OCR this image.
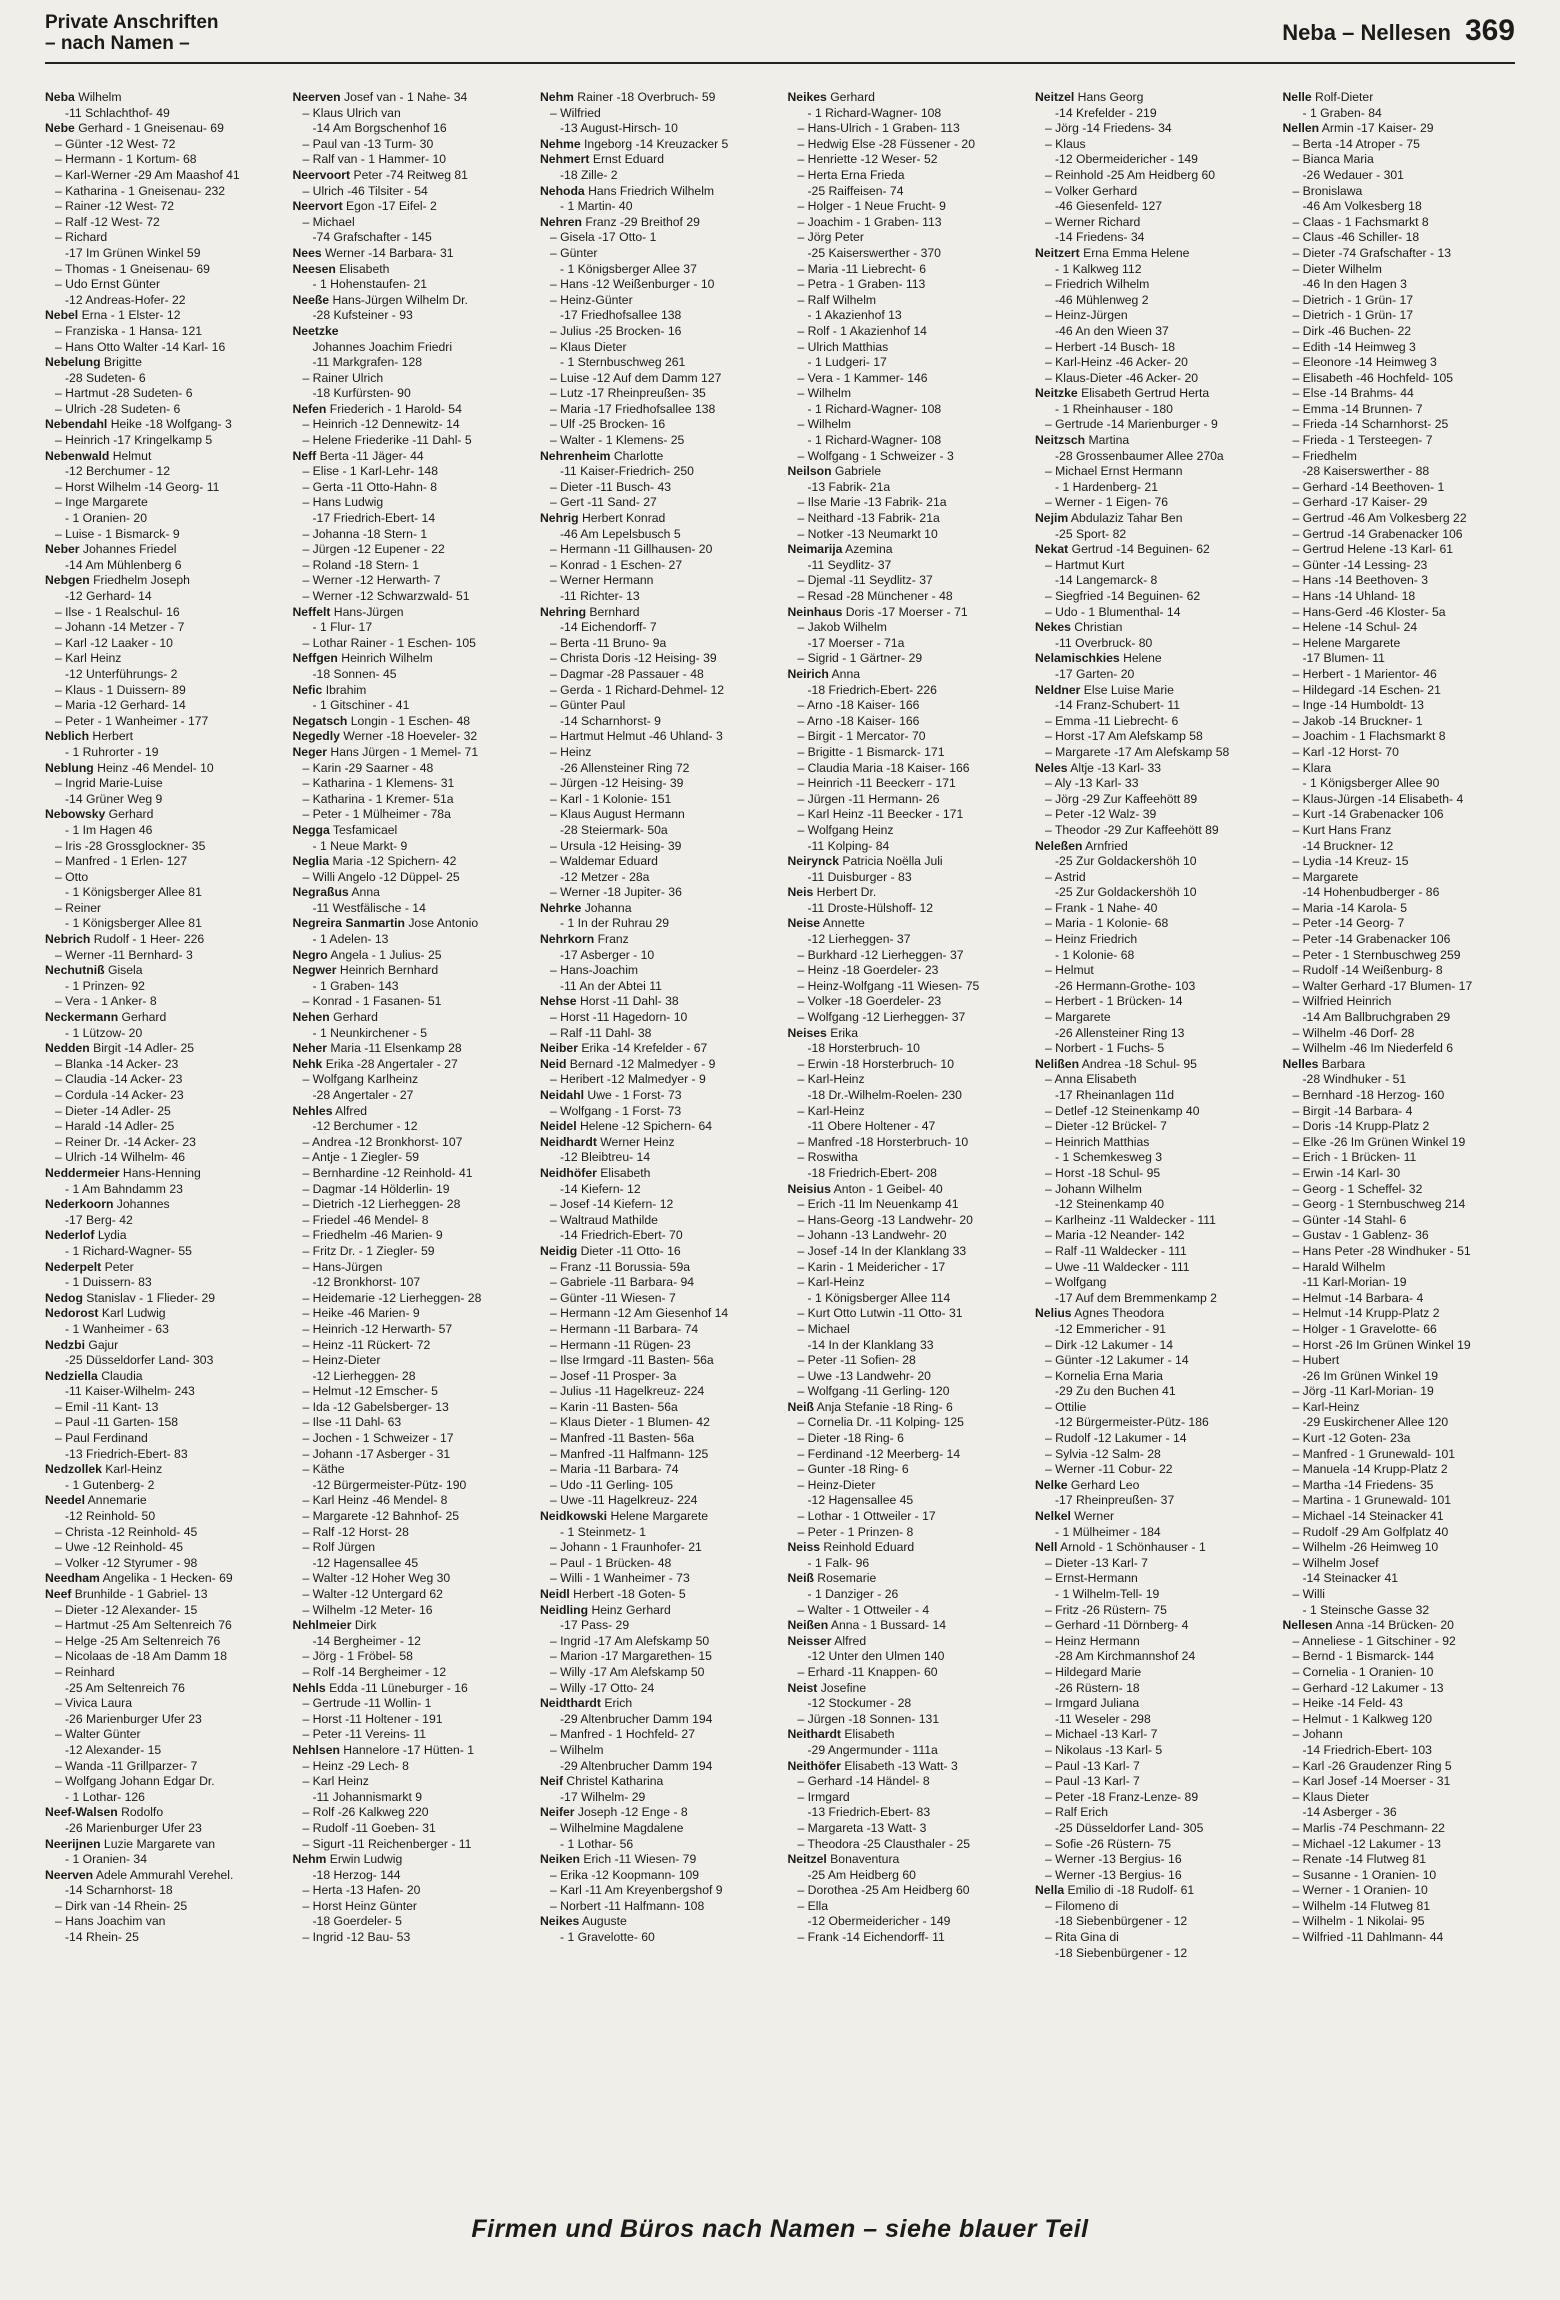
Private Anschriften
– nach Namen –	Neba – Nellesen 369
Neba Wilhelm
-11 Schlachthof- 49
Nebe Gerhard - 1 Gneisenau- 69
– Günter -12 West- 72
– Hermann - 1 Kortum- 68
– Karl-Werner -29 Am Maashof 41
– Katharina - 1 Gneisenau- 232
– Rainer -12 West- 72
– Ralf -12 West- 72
– Richard
-17 Im Grünen Winkel 59
– Thomas - 1 Gneisenau- 69
– Udo Ernst Günter
-12 Andreas-Hofer- 22
Nebel Erna - 1 Elster- 12
– Franziska - 1 Hansa- 121
– Hans Otto Walter -14 Karl- 16
Nebelung Brigitte
-28 Sudeten- 6
– Hartmut -28 Sudeten- 6
– Ulrich -28 Sudeten- 6
Nebendahl Heike -18 Wolfgang- 3
– Heinrich -17 Kringelkamp 5
Nebenwald Helmut
-12 Berchumer - 12
– Horst Wilhelm -14 Georg- 11
– Inge Margarete
- 1 Oranien- 20
– Luise - 1 Bismarck- 9
Neber Johannes Friedel
-14 Am Mühlenberg 6
Nebgen Friedhelm Joseph
-12 Gerhard- 14
– Ilse - 1 Realschul- 16
– Johann -14 Metzer - 7
– Karl -12 Laaker - 10
– Karl Heinz
-12 Unterführungs- 2
– Klaus - 1 Duissern- 89
– Maria -12 Gerhard- 14
– Peter - 1 Wanheimer - 177
Neblich Herbert
- 1 Ruhrorter - 19
Neblung Heinz -46 Mendel- 10
– Ingrid Marie-Luise
-14 Grüner Weg 9
Nebowsky Gerhard
- 1 Im Hagen 46
– Iris -28 Grossglockner- 35
– Manfred - 1 Erlen- 127
– Otto
- 1 Königsberger Allee 81
– Reiner
- 1 Königsberger Allee 81
Nebrich Rudolf - 1 Heer- 226
– Werner -11 Bernhard- 3
Nechutniß Gisela
- 1 Prinzen- 92
– Vera - 1 Anker- 8
Neckermann Gerhard
- 1 Lützow- 20
Nedden Birgit -14 Adler- 25
– Blanka -14 Acker- 23
– Claudia -14 Acker- 23
– Cordula -14 Acker- 23
– Dieter -14 Adler- 25
– Harald -14 Adler- 25
– Reiner Dr. -14 Acker- 23
– Ulrich -14 Wilhelm- 46
Neddermeier Hans-Henning
- 1 Am Bahndamm 23
Nederkoorn Johannes
-17 Berg- 42
Nederlof Lydia
- 1 Richard-Wagner- 55
Nederpelt Peter
- 1 Duissern- 83
Nedog Stanislav - 1 Flieder- 29
Nedorost Karl Ludwig
- 1 Wanheimer - 63
Nedzbi Gajur
-25 Düsseldorfer Land- 303
Nedziella Claudia
-11 Kaiser-Wilhelm- 243
– Emil -11 Kant- 13
– Paul -11 Garten- 158
– Paul Ferdinand
-13 Friedrich-Ebert- 83
Nedzollek Karl-Heinz
- 1 Gutenberg- 2
Needel Annemarie
-12 Reinhold- 50
– Christa -12 Reinhold- 45
– Uwe -12 Reinhold- 45
– Volker -12 Styrumer - 98
Needham Angelika - 1 Hecken- 69
Neef Brunhilde - 1 Gabriel- 13
– Dieter -12 Alexander- 15
– Hartmut -25 Am Seltenreich 76
– Helge -25 Am Seltenreich 76
– Nicolaas de -18 Am Damm 18
– Reinhard
-25 Am Seltenreich 76
– Vivica Laura
-26 Marienburger Ufer 23
– Walter Günter
-12 Alexander- 15
– Wanda -11 Grillparzer- 7
– Wolfgang Johann Edgar Dr.
- 1 Lothar- 126
Neef-Walsen Rodolfo
-26 Marienburger Ufer 23
Neerijnen Luzie Margarete van
- 1 Oranien- 34
Neerven Adele Ammurahl Verehel.
-14 Scharnhorst- 18
– Dirk van -14 Rhein- 25
– Hans Joachim van
-14 Rhein- 25
Neerven Josef van - 1 Nahe- 34
– Klaus Ulrich van
-14 Am Borgschenhof 16
– Paul van -13 Turm- 30
– Ralf van - 1 Hammer- 10
Neervoort Peter -74 Reitweg 81
– Ulrich -46 Tilsiter - 54
Neervort Egon -17 Eifel- 2
– Michael
-74 Grafschafter - 145
Nees Werner -14 Barbara- 31
Neesen Elisabeth
- 1 Hohenstaufen- 21
Neeße Hans-Jürgen Wilhelm Dr.
-28 Kufsteiner - 93
Neetzke
Johannes Joachim Friedri
-11 Markgrafen- 128
– Rainer Ulrich
-18 Kurfürsten- 90
Nefen Friederich - 1 Harold- 54
– Heinrich -12 Dennewitz- 14
– Helene Friederike -11 Dahl- 5
Neff Berta -11 Jäger- 44
– Elise - 1 Karl-Lehr- 148
– Gerta -11 Otto-Hahn- 8
– Hans Ludwig
-17 Friedrich-Ebert- 14
– Johanna -18 Stern- 1
– Jürgen -12 Eupener - 22
– Roland -18 Stern- 1
– Werner -12 Herwarth- 7
– Werner -12 Schwarzwald- 51
Neffelt Hans-Jürgen
- 1 Flur- 17
– Lothar Rainer - 1 Eschen- 105
Neffgen Heinrich Wilhelm
-18 Sonnen- 45
Nefic Ibrahim
- 1 Gitschiner - 41
Negatsch Longin - 1 Eschen- 48
Negedly Werner -18 Hoeveler- 32
Neger Hans Jürgen - 1 Memel- 71
– Karin -29 Saarner - 48
– Katharina - 1 Klemens- 31
– Katharina - 1 Kremer- 51a
– Peter - 1 Mülheimer - 78a
Negga Tesfamicael
- 1 Neue Markt- 9
Neglia Maria -12 Spichern- 42
– Willi Angelo -12 Düppel- 25
Negraßus Anna
-11 Westfälische - 14
Negreira Sanmartin Jose Antonio
- 1 Adelen- 13
Negro Angela - 1 Julius- 25
Negwer Heinrich Bernhard
- 1 Graben- 143
– Konrad - 1 Fasanen- 51
Nehen Gerhard
- 1 Neunkirchener - 5
Neher Maria -11 Elsenkamp 28
Nehk Erika -28 Angertaler - 27
– Wolfgang Karlheinz
-28 Angertaler - 27
Nehles Alfred
-12 Berchumer - 12
– Andrea -12 Bronkhorst- 107
– Antje - 1 Ziegler- 59
– Bernhardine -12 Reinhold- 41
– Dagmar -14 Hölderlin- 19
– Dietrich -12 Lierheggen- 28
– Friedel -46 Mendel- 8
– Friedhelm -46 Marien- 9
– Fritz Dr. - 1 Ziegler- 59
– Hans-Jürgen
-12 Bronkhorst- 107
– Heidemarie -12 Lierheggen- 28
– Heike -46 Marien- 9
– Heinrich -12 Herwarth- 57
– Heinz -11 Rückert- 72
– Heinz-Dieter
-12 Lierheggen- 28
– Helmut -12 Emscher- 5
– Ida -12 Gabelsberger- 13
– Ilse -11 Dahl- 63
– Jochen - 1 Schweizer - 17
– Johann -17 Asberger - 31
– Käthe
-12 Bürgermeister-Pütz- 190
– Karl Heinz -46 Mendel- 8
– Margarete -12 Bahnhof- 25
– Ralf -12 Horst- 28
– Rolf Jürgen
-12 Hagensallee 45
– Walter -12 Hoher Weg 30
– Walter -12 Untergard 62
– Wilhelm -12 Meter- 16
Nehlmeier Dirk
-14 Bergheimer - 12
– Jörg - 1 Fröbel- 58
– Rolf -14 Bergheimer - 12
Nehls Edda -11 Lüneburger - 16
– Gertrude -11 Wollin- 1
– Horst -11 Holtener - 191
– Peter -11 Vereins- 11
Nehlsen Hannelore -17 Hütten- 1
– Heinz -29 Lech- 8
– Karl Heinz
-11 Johannismarkt 9
– Rolf -26 Kalkweg 220
– Rudolf -11 Goeben- 31
– Sigurt -11 Reichenberger - 11
Nehm Erwin Ludwig
-18 Herzog- 144
– Herta -13 Hafen- 20
– Horst Heinz Günter
-18 Goerdeler- 5
– Ingrid -12 Bau- 53
Nehm Rainer -18 Overbruch- 59
– Wilfried
-13 August-Hirsch- 10
Nehme Ingeborg -14 Kreuzacker 5
Nehmert Ernst Eduard
-18 Zille- 2
Nehoda Hans Friedrich Wilhelm
- 1 Martin- 40
Nehren Franz -29 Breithof 29
– Gisela -17 Otto- 1
– Günter
- 1 Königsberger Allee 37
– Hans -12 Weißenburger - 10
– Heinz-Günter
-17 Friedhofsallee 138
– Julius -25 Brocken- 16
– Klaus Dieter
- 1 Sternbuschweg 261
– Luise -12 Auf dem Damm 127
– Lutz -17 Rheinpreußen- 35
– Maria -17 Friedhofsallee 138
– Ulf -25 Brocken- 16
– Walter - 1 Klemens- 25
Nehrenheim Charlotte
-11 Kaiser-Friedrich- 250
– Dieter -11 Busch- 43
– Gert -11 Sand- 27
Nehrig Herbert Konrad
-46 Am Lepelsbusch 5
– Hermann -11 Gillhausen- 20
– Konrad - 1 Eschen- 27
– Werner Hermann
-11 Richter- 13
Nehring Bernhard
-14 Eichendorff- 7
– Berta -11 Bruno- 9a
– Christa Doris -12 Heising- 39
– Dagmar -28 Passauer - 48
– Gerda - 1 Richard-Dehmel- 12
– Günter Paul
-14 Scharnhorst- 9
– Hartmut Helmut -46 Uhland- 3
– Heinz
-26 Allensteiner Ring 72
– Jürgen -12 Heising- 39
– Karl - 1 Kolonie- 151
– Klaus August Hermann
-28 Steiermark- 50a
– Ursula -12 Heising- 39
– Waldemar Eduard
-12 Metzer - 28a
– Werner -18 Jupiter- 36
Nehrke Johanna
- 1 In der Ruhrau 29
Nehrkorn Franz
-17 Asberger - 10
– Hans-Joachim
-11 An der Abtei 11
Nehse Horst -11 Dahl- 38
– Horst -11 Hagedorn- 10
– Ralf -11 Dahl- 38
Neiber Erika -14 Krefelder - 67
Neid Bernard -12 Malmedyer - 9
– Heribert -12 Malmedyer - 9
Neidahl Uwe - 1 Forst- 73
– Wolfgang - 1 Forst- 73
Neidel Helene -12 Spichern- 64
Neidhardt Werner Heinz
-12 Bleibtreu- 14
Neidhöfer Elisabeth
-14 Kiefern- 12
– Josef -14 Kiefern- 12
– Waltraud Mathilde
-14 Friedrich-Ebert- 70
Neidig Dieter -11 Otto- 16
– Franz -11 Borussia- 59a
– Gabriele -11 Barbara- 94
– Günter -11 Wiesen- 7
– Hermann -12 Am Giesenhof 14
– Hermann -11 Barbara- 74
– Hermann -11 Rügen- 23
– Ilse Irmgard -11 Basten- 56a
– Josef -11 Prosper- 3a
– Julius -11 Hagelkreuz- 224
– Karin -11 Basten- 56a
– Klaus Dieter - 1 Blumen- 42
– Manfred -11 Basten- 56a
– Manfred -11 Halfmann- 125
– Maria -11 Barbara- 74
– Udo -11 Gerling- 105
– Uwe -11 Hagelkreuz- 224
Neidkowski Helene Margarete
- 1 Steinmetz- 1
– Johann - 1 Fraunhofer- 21
– Paul - 1 Brücken- 48
– Willi - 1 Wanheimer - 73
Neidl Herbert -18 Goten- 5
Neidling Heinz Gerhard
-17 Pass- 29
– Ingrid -17 Am Alefskamp 50
– Marion -17 Margarethen- 15
– Willy -17 Am Alefskamp 50
– Willy -17 Otto- 24
Neidthardt Erich
-29 Altenbrucher Damm 194
– Manfred - 1 Hochfeld- 27
– Wilhelm
-29 Altenbrucher Damm 194
Neif Christel Katharina
-17 Wilhelm- 29
Neifer Joseph -12 Enge - 8
– Wilhelmine Magdalene
- 1 Lothar- 56
Neiken Erich -11 Wiesen- 79
– Erika -12 Koopmann- 109
– Karl -11 Am Kreyenbergshof 9
– Norbert -11 Halfmann- 108
Neikes Auguste
- 1 Gravelotte- 60
Neikes Gerhard
- 1 Richard-Wagner- 108
– Hans-Ulrich - 1 Graben- 113
– Hedwig Else -28 Füssener - 20
– Henriette -12 Weser- 52
– Herta Erna Frieda
-25 Raiffeisen- 74
– Holger - 1 Neue Frucht- 9
– Joachim - 1 Graben- 113
– Jörg Peter
-25 Kaiserswerther - 370
– Maria -11 Liebrecht- 6
– Petra - 1 Graben- 113
– Ralf Wilhelm
- 1 Akazienhof 13
– Rolf - 1 Akazienhof 14
– Ulrich Matthias
- 1 Ludgeri- 17
– Vera - 1 Kammer- 146
– Wilhelm
- 1 Richard-Wagner- 108
– Wilhelm
- 1 Richard-Wagner- 108
– Wolfgang - 1 Schweizer - 3
Neilson Gabriele
-13 Fabrik- 21a
– Ilse Marie -13 Fabrik- 21a
– Neithard -13 Fabrik- 21a
– Notker -13 Neumarkt 10
Neimarija Azemina
-11 Seydlitz- 37
– Djemal -11 Seydlitz- 37
– Resad -28 Münchener - 48
Neinhaus Doris -17 Moerser - 71
– Jakob Wilhelm
-17 Moerser - 71a
– Sigrid - 1 Gärtner- 29
Neirich Anna
-18 Friedrich-Ebert- 226
– Arno -18 Kaiser- 166
– Arno -18 Kaiser- 166
– Birgit - 1 Mercator- 70
– Brigitte - 1 Bismarck- 171
– Claudia Maria -18 Kaiser- 166
– Heinrich -11 Beeckerr - 171
– Jürgen -11 Hermann- 26
– Karl Heinz -11 Beecker - 171
– Wolfgang Heinz
-11 Kolping- 84
Neirynck Patricia Noëlla Juli
-11 Duisburger - 83
Neis Herbert Dr.
-11 Droste-Hülshoff- 12
Neise Annette
-12 Lierheggen- 37
– Burkhard -12 Lierheggen- 37
– Heinz -18 Goerdeler- 23
– Heinz-Wolfgang -11 Wiesen- 75
– Volker -18 Goerdeler- 23
– Wolfgang -12 Lierheggen- 37
Neises Erika
-18 Horsterbruch- 10
– Erwin -18 Horsterbruch- 10
– Karl-Heinz
-18 Dr.-Wilhelm-Roelen- 230
– Karl-Heinz
-11 Obere Holtener - 47
– Manfred -18 Horsterbruch- 10
– Roswitha
-18 Friedrich-Ebert- 208
Neisius Anton - 1 Geibel- 40
– Erich -11 Im Neuenkamp 41
– Hans-Georg -13 Landwehr- 20
– Johann -13 Landwehr- 20
– Josef -14 In der Klanklang 33
– Karin - 1 Meidericher - 17
– Karl-Heinz
- 1 Königsberger Allee 114
– Kurt Otto Lutwin -11 Otto- 31
– Michael
-14 In der Klanklang 33
– Peter -11 Sofien- 28
– Uwe -13 Landwehr- 20
– Wolfgang -11 Gerling- 120
Neiß Anja Stefanie -18 Ring- 6
– Cornelia Dr. -11 Kolping- 125
– Dieter -18 Ring- 6
– Ferdinand -12 Meerberg- 14
– Gunter -18 Ring- 6
– Heinz-Dieter
-12 Hagensallee 45
– Lothar - 1 Ottweiler - 17
– Peter - 1 Prinzen- 8
Neiss Reinhold Eduard
- 1 Falk- 96
Neiß Rosemarie
- 1 Danziger - 26
– Walter - 1 Ottweiler - 4
Neißen Anna - 1 Bussard- 14
Neisser Alfred
-12 Unter den Ulmen 140
– Erhard -11 Knappen- 60
Neist Josefine
-12 Stockumer - 28
– Jürgen -18 Sonnen- 131
Neithardt Elisabeth
-29 Angermunder - 111a
Neithöfer Elisabeth -13 Watt- 3
– Gerhard -14 Händel- 8
– Irmgard
-13 Friedrich-Ebert- 83
– Margareta -13 Watt- 3
– Theodora -25 Clausthaler - 25
Neitzel Bonaventura
-25 Am Heidberg 60
– Dorothea -25 Am Heidberg 60
– Ella
-12 Obermeidericher - 149
– Frank -14 Eichendorff- 11
Neitzel Hans Georg
-14 Krefelder - 219
– Jörg -14 Friedens- 34
– Klaus
-12 Obermeidericher - 149
– Reinhold -25 Am Heidberg 60
– Volker Gerhard
-46 Giesenfeld- 127
– Werner Richard
-14 Friedens- 34
Neitzert Erna Emma Helene
- 1 Kalkweg 112
– Friedrich Wilhelm
-46 Mühlenweg 2
– Heinz-Jürgen
-46 An den Wieen 37
– Herbert -14 Busch- 18
– Karl-Heinz -46 Acker- 20
– Klaus-Dieter -46 Acker- 20
Neitzke Elisabeth Gertrud Herta
- 1 Rheinhauser - 180
– Gertrude -14 Marienburger - 9
Neitzsch Martina
-28 Grossenbaumer Allee 270a
– Michael Ernst Hermann
- 1 Hardenberg- 21
– Werner - 1 Eigen- 76
Nejim Abdulaziz Tahar Ben
-25 Sport- 82
Nekat Gertrud -14 Beguinen- 62
– Hartmut Kurt
-14 Langemarck- 8
– Siegfried -14 Beguinen- 62
– Udo - 1 Blumenthal- 14
Nekes Christian
-11 Overbruck- 80
Nelamischkies Helene
-17 Garten- 20
Neldner Else Luise Marie
-14 Franz-Schubert- 11
– Emma -11 Liebrecht- 6
– Horst -17 Am Alefskamp 58
– Margarete -17 Am Alefskamp 58
Neles Altje -13 Karl- 33
– Aly -13 Karl- 33
– Jörg -29 Zur Kaffeehött 89
– Peter -12 Walz- 39
– Theodor -29 Zur Kaffeehött 89
Neleßen Arnfried
-25 Zur Goldackershöh 10
– Astrid
-25 Zur Goldackershöh 10
– Frank - 1 Nahe- 40
– Maria - 1 Kolonie- 68
– Heinz Friedrich
- 1 Kolonie- 68
– Helmut
-26 Hermann-Grothe- 103
– Herbert - 1 Brücken- 14
– Margarete
-26 Allensteiner Ring 13
– Norbert - 1 Fuchs- 5
Nelißen Andrea -18 Schul- 95
– Anna Elisabeth
-17 Rheinanlagen 11d
– Detlef -12 Steinenkamp 40
– Dieter -12 Brückel- 7
– Heinrich Matthias
- 1 Schemkesweg 3
– Horst -18 Schul- 95
– Johann Wilhelm
-12 Steinenkamp 40
– Karlheinz -11 Waldecker - 111
– Maria -12 Neander- 142
– Ralf -11 Waldecker - 111
– Uwe -11 Waldecker - 111
– Wolfgang
-17 Auf dem Bremmenkamp 2
Nelius Agnes Theodora
-12 Emmericher - 91
– Dirk -12 Lakumer - 14
– Günter -12 Lakumer - 14
– Kornelia Erna Maria
-29 Zu den Buchen 41
– Ottilie
-12 Bürgermeister-Pütz- 186
– Rudolf -12 Lakumer - 14
– Sylvia -12 Salm- 28
– Werner -11 Cobur- 22
Nelke Gerhard Leo
-17 Rheinpreußen- 37
Nelkel Werner
- 1 Mülheimer - 184
Nell Arnold - 1 Schönhauser - 1
– Dieter -13 Karl- 7
– Ernst-Hermann
- 1 Wilhelm-Tell- 19
– Fritz -26 Rüstern- 75
– Gerhard -11 Dörnberg- 4
– Heinz Hermann
-28 Am Kirchmannshof 24
– Hildegard Marie
-26 Rüstern- 18
– Irmgard Juliana
-11 Weseler - 298
– Michael -13 Karl- 7
– Nikolaus -13 Karl- 5
– Paul -13 Karl- 7
– Paul -13 Karl- 7
– Peter -18 Franz-Lenze- 89
– Ralf Erich
-25 Düsseldorfer Land- 305
– Sofie -26 Rüstern- 75
– Werner -13 Bergius- 16
– Werner -13 Bergius- 16
Nella Emilio di -18 Rudolf- 61
– Filomeno di
-18 Siebenbürgener - 12
– Rita Gina di
-18 Siebenbürgener - 12
Nelle Rolf-Dieter
- 1 Graben- 84
Nellen Armin -17 Kaiser- 29
– Berta -14 Atroper - 75
– Bianca Maria
-26 Wedauer - 301
– Bronislawa
-46 Am Volkesberg 18
– Claas - 1 Fachsmarkt 8
– Claus -46 Schiller- 18
– Dieter -74 Grafschafter - 13
– Dieter Wilhelm
-46 In den Hagen 3
– Dietrich - 1 Grün- 17
– Dietrich - 1 Grün- 17
– Dirk -46 Buchen- 22
– Edith -14 Heimweg 3
– Eleonore -14 Heimweg 3
– Elisabeth -46 Hochfeld- 105
– Else -14 Brahms- 44
– Emma -14 Brunnen- 7
– Frieda -14 Scharnhorst- 25
– Frieda - 1 Tersteegen- 7
– Friedhelm
-28 Kaiserswerther - 88
– Gerhard -14 Beethoven- 1
– Gerhard -17 Kaiser- 29
– Gertrud -46 Am Volkesberg 22
– Gertrud -14 Grabenacker 106
– Gertrud Helene -13 Karl- 61
– Günter -14 Lessing- 23
– Hans -14 Beethoven- 3
– Hans -14 Uhland- 18
– Hans-Gerd -46 Kloster- 5a
– Helene -14 Schul- 24
– Helene Margarete
-17 Blumen- 11
– Herbert - 1 Marientor- 46
– Hildegard -14 Eschen- 21
– Inge -14 Humboldt- 13
– Jakob -14 Bruckner- 1
– Joachim - 1 Flachsmarkt 8
– Karl -12 Horst- 70
– Klara
- 1 Königsberger Allee 90
– Klaus-Jürgen -14 Elisabeth- 4
– Kurt -14 Grabenacker 106
– Kurt Hans Franz
-14 Bruckner- 12
– Lydia -14 Kreuz- 15
– Margarete
-14 Hohenbudberger - 86
– Maria -14 Karola- 5
– Peter -14 Georg- 7
– Peter -14 Grabenacker 106
– Peter - 1 Sternbuschweg 259
– Rudolf -14 Weißenburg- 8
– Walter Gerhard -17 Blumen- 17
– Wilfried Heinrich
-14 Am Ballbruchgraben 29
– Wilhelm -46 Dorf- 28
– Wilhelm -46 Im Niederfeld 6
Nelles Barbara
-28 Windhuker - 51
– Bernhard -18 Herzog- 160
– Birgit -14 Barbara- 4
– Doris -14 Krupp-Platz 2
– Elke -26 Im Grünen Winkel 19
– Erich - 1 Brücken- 11
– Erwin -14 Karl- 30
– Georg - 1 Scheffel- 32
– Georg - 1 Sternbuschweg 214
– Günter -14 Stahl- 6
– Gustav - 1 Gablenz- 36
– Hans Peter -28 Windhuker - 51
– Harald Wilhelm
-11 Karl-Morian- 19
– Helmut -14 Barbara- 4
– Helmut -14 Krupp-Platz 2
– Holger - 1 Gravelotte- 66
– Horst -26 Im Grünen Winkel 19
– Hubert
-26 Im Grünen Winkel 19
– Jörg -11 Karl-Morian- 19
– Karl-Heinz
-29 Euskirchener Allee 120
– Kurt -12 Goten- 23a
– Manfred - 1 Grunewald- 101
– Manuela -14 Krupp-Platz 2
– Martha -14 Friedens- 35
– Martina - 1 Grunewald- 101
– Michael -14 Steinacker 41
– Rudolf -29 Am Golfplatz 40
– Wilhelm -26 Heimweg 10
– Wilhelm Josef
-14 Steinacker 41
– Willi
- 1 Steinsche Gasse 32
Nellesen Anna -14 Brücken- 20
– Anneliese - 1 Gitschiner - 92
– Bernd - 1 Bismarck- 144
– Cornelia - 1 Oranien- 10
– Gerhard -12 Lakumer - 13
– Heike -14 Feld- 43
– Helmut - 1 Kalkweg 120
– Johann
-14 Friedrich-Ebert- 103
– Karl -26 Graudenzer Ring 5
– Karl Josef -14 Moerser - 31
– Klaus Dieter
-14 Asberger - 36
– Marlis -74 Peschmann- 22
– Michael -12 Lakumer - 13
– Renate -14 Flutweg 81
– Susanne - 1 Oranien- 10
– Werner - 1 Oranien- 10
– Wilhelm -14 Flutweg 81
– Wilhelm - 1 Nikolai- 95
– Wilfried -11 Dahlmann- 44
Firmen und Büros nach Namen – siehe blauer Teil
